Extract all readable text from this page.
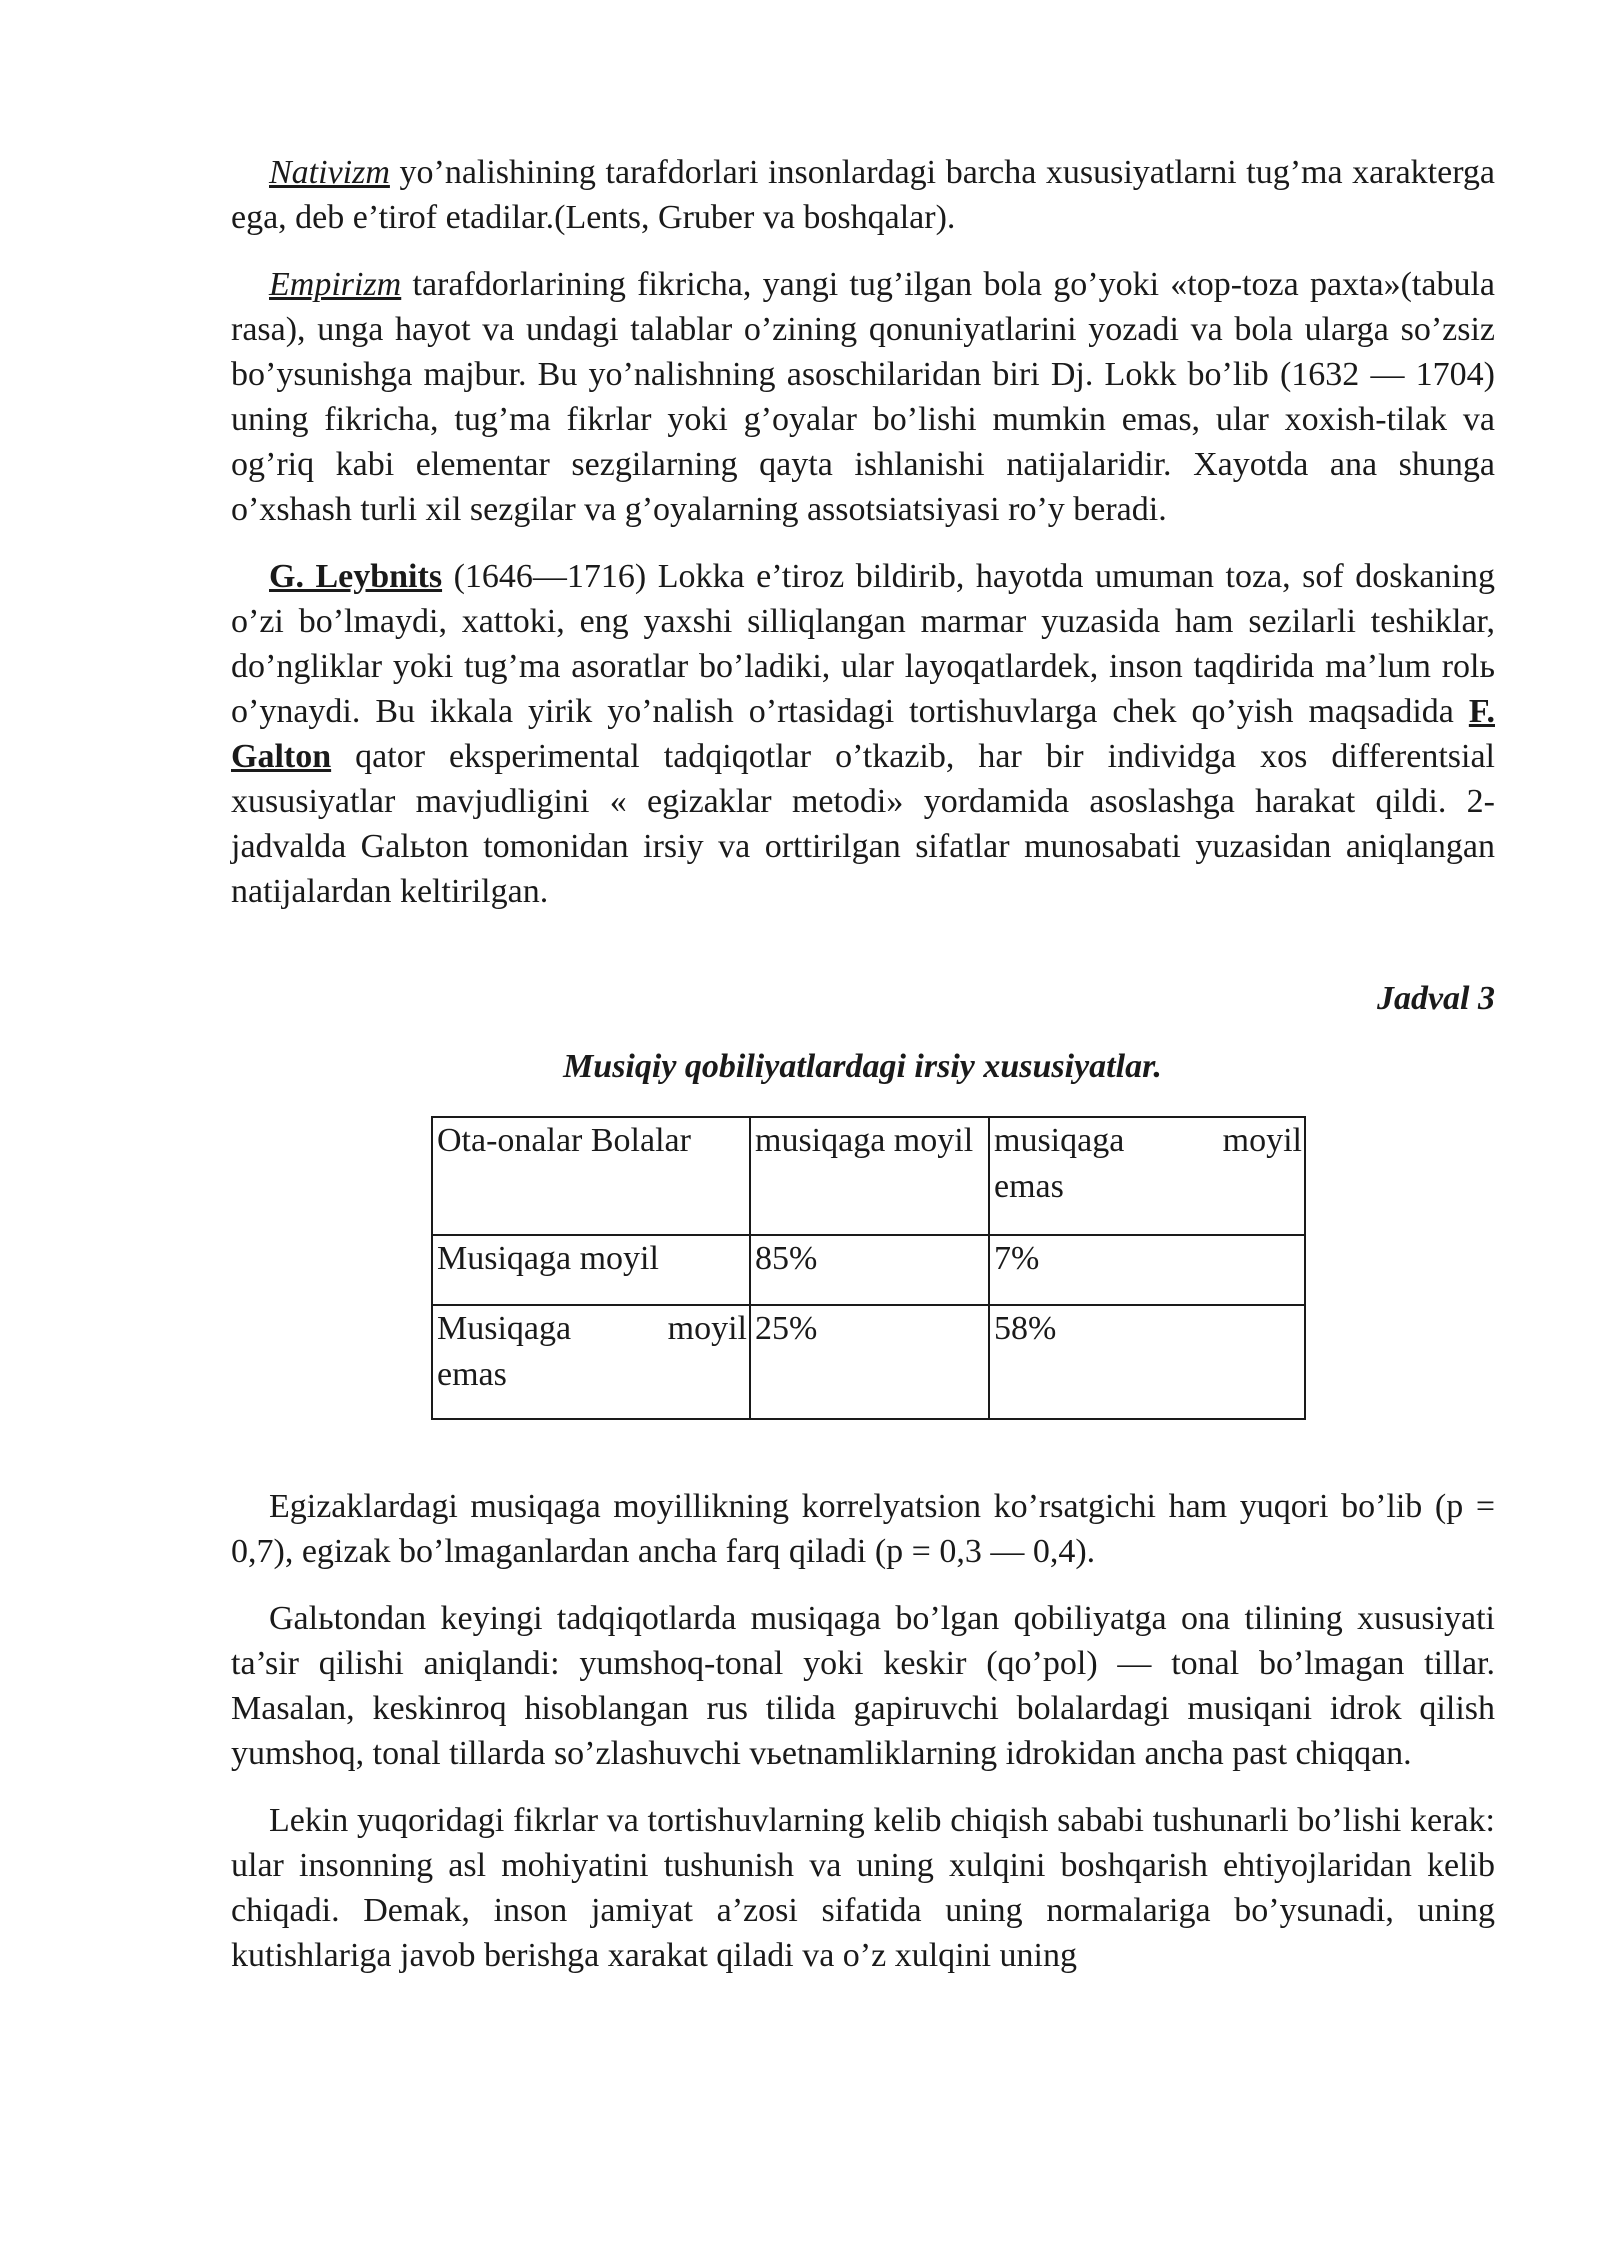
Nativizm yo’nalishining tarafdorlari insonlardagi barcha xususiyatlarni tug’ma xarakterga ega, deb e’tirof etadilar.(Lents, Gruber va boshqalar).

Empirizm tarafdorlarining fikricha, yangi tug’ilgan bola go’yoki «top-toza paxta»(tabula rasa), unga hayot va undagi talablar o’zining qonuniyatlarini yozadi va bola ularga so’zsiz bo’ysunishga majbur. Bu yo’nalishning asoschilaridan biri Dj. Lokk bo’lib (1632 — 1704) uning fikricha, tug’ma fikrlar yoki g’oyalar bo’lishi mumkin emas, ular xoxish-tilak va og’riq kabi elementar sezgilarning qayta ishlanishi natijalaridir. Xayotda ana shunga o’xshash turli xil sezgilar va g’oyalarning assotsiatsiyasi ro’y beradi.

G. Leybnits (1646—1716) Lokka e’tiroz bildirib, hayotda umuman toza, sof doskaning o’zi bo’lmaydi, xattoki, eng yaxshi silliqlangan marmar yuzasida ham sezilarli teshiklar, do’ngliklar yoki tug’ma asoratlar bo’ladiki, ular layoqatlardek, inson taqdirida ma’lum rolь o’ynaydi. Bu ikkala yirik yo’nalish o’rtasidagi tortishuvlarga chek qo’yish maqsadida F. Galton qator eksperimental tadqiqotlar o’tkazib, har bir individga xos differentsial xususiyatlar mavjudligini « egizaklar metodi» yordamida asoslashga harakat qildi. 2-jadvalda Galьton tomonidan irsiy va orttirilgan sifatlar munosabati yuzasidan aniqlangan natijalardan keltirilgan.

Jadval 3

Musiqiy qobiliyatlardagi irsiy xususiyatlar.

Ota-onalar Bolalar	musiqaga moyil	musiqaga moyil
emas

Musiqaga moyil	85%	7%

Musiqaga moyil
emas	25%	58%

Egizaklardagi musiqaga moyillikning korrelyatsion ko’rsatgichi ham yuqori bo’lib (p = 0,7), egizak bo’lmaganlardan ancha farq qiladi (p = 0,3 — 0,4).

Galьtondan keyingi tadqiqotlarda musiqaga bo’lgan qobiliyatga ona tilining xususiyati ta’sir qilishi aniqlandi: yumshoq-tonal yoki keskir (qo’pol) — tonal bo’lmagan tillar. Masalan, keskinroq hisoblangan rus tilida gapiruvchi bolalardagi musiqani idrok qilish yumshoq, tonal tillarda so’zlashuvchi vьetnamliklarning idrokidan ancha past chiqqan.

Lekin yuqoridagi fikrlar va tortishuvlarning kelib chiqish sababi tushunarli bo’lishi kerak: ular insonning asl mohiyatini tushunish va uning xulqini boshqarish ehtiyojlaridan kelib chiqadi. Demak, inson jamiyat a’zosi sifatida uning normalariga bo’ysunadi, uning kutishlariga javob berishga xarakat qiladi va o’z xulqini uning
